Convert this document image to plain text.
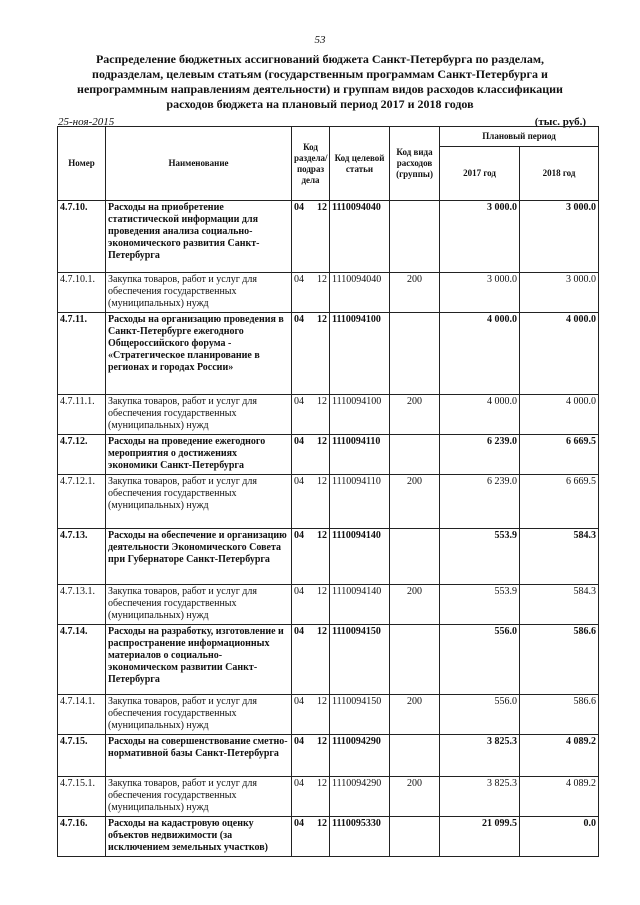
53
Распределение бюджетных ассигнований бюджета Санкт-Петербурга по разделам, подразделам, целевым статьям (государственным программам Санкт-Петербурга и непрограммным направлениям деятельности) и группам видов расходов классификации расходов бюджета на плановый период 2017 и 2018 годов
25-ноя-2015	(тыс. руб.)
Номер	Наименование	Код раздела/ подраз дела		Код целевой статьи	Код вида расходов (группы)	Плановый период	
						2017 год	2018 год
4.7.10.	Расходы на приобретение статистической информации для проведения анализа социально-экономического развития Санкт-Петербурга	04	12	1110094040		3 000.0	3 000.0
4.7.10.1.	Закупка товаров, работ и услуг для обеспечения государственных (муниципальных) нужд	04	12	1110094040	200	3 000.0	3 000.0
4.7.11.	Расходы на организацию проведения в Санкт-Петербурге ежегодного Общероссийского форума - «Стратегическое планирование в регионах и городах России»	04	12	1110094100		4 000.0	4 000.0
4.7.11.1.	Закупка товаров, работ и услуг для обеспечения государственных (муниципальных) нужд	04	12	1110094100	200	4 000.0	4 000.0
4.7.12.	Расходы на проведение ежегодного мероприятия о достижениях экономики Санкт-Петербурга	04	12	1110094110		6 239.0	6 669.5
4.7.12.1.	Закупка товаров, работ и услуг для обеспечения государственных (муниципальных) нужд	04	12	1110094110	200	6 239.0	6 669.5
4.7.13.	Расходы на обеспечение и организацию деятельности Экономического Совета при Губернаторе Санкт-Петербурга	04	12	1110094140		553.9	584.3
4.7.13.1.	Закупка товаров, работ и услуг для обеспечения государственных (муниципальных) нужд	04	12	1110094140	200	553.9	584.3
4.7.14.	Расходы на разработку, изготовление и распространение информационных материалов о социально-экономическом развитии Санкт-Петербурга	04	12	1110094150		556.0	586.6
4.7.14.1.	Закупка товаров, работ и услуг для обеспечения государственных (муниципальных) нужд	04	12	1110094150	200	556.0	586.6
4.7.15.	Расходы на совершенствование сметно-нормативной базы Санкт-Петербурга	04	12	1110094290		3 825.3	4 089.2
4.7.15.1.	Закупка товаров, работ и услуг для обеспечения государственных (муниципальных) нужд	04	12	1110094290	200	3 825.3	4 089.2
4.7.16.	Расходы на кадастровую оценку объектов недвижимости (за исключением земельных участков)	04	12	1110095330		21 099.5	0.0
